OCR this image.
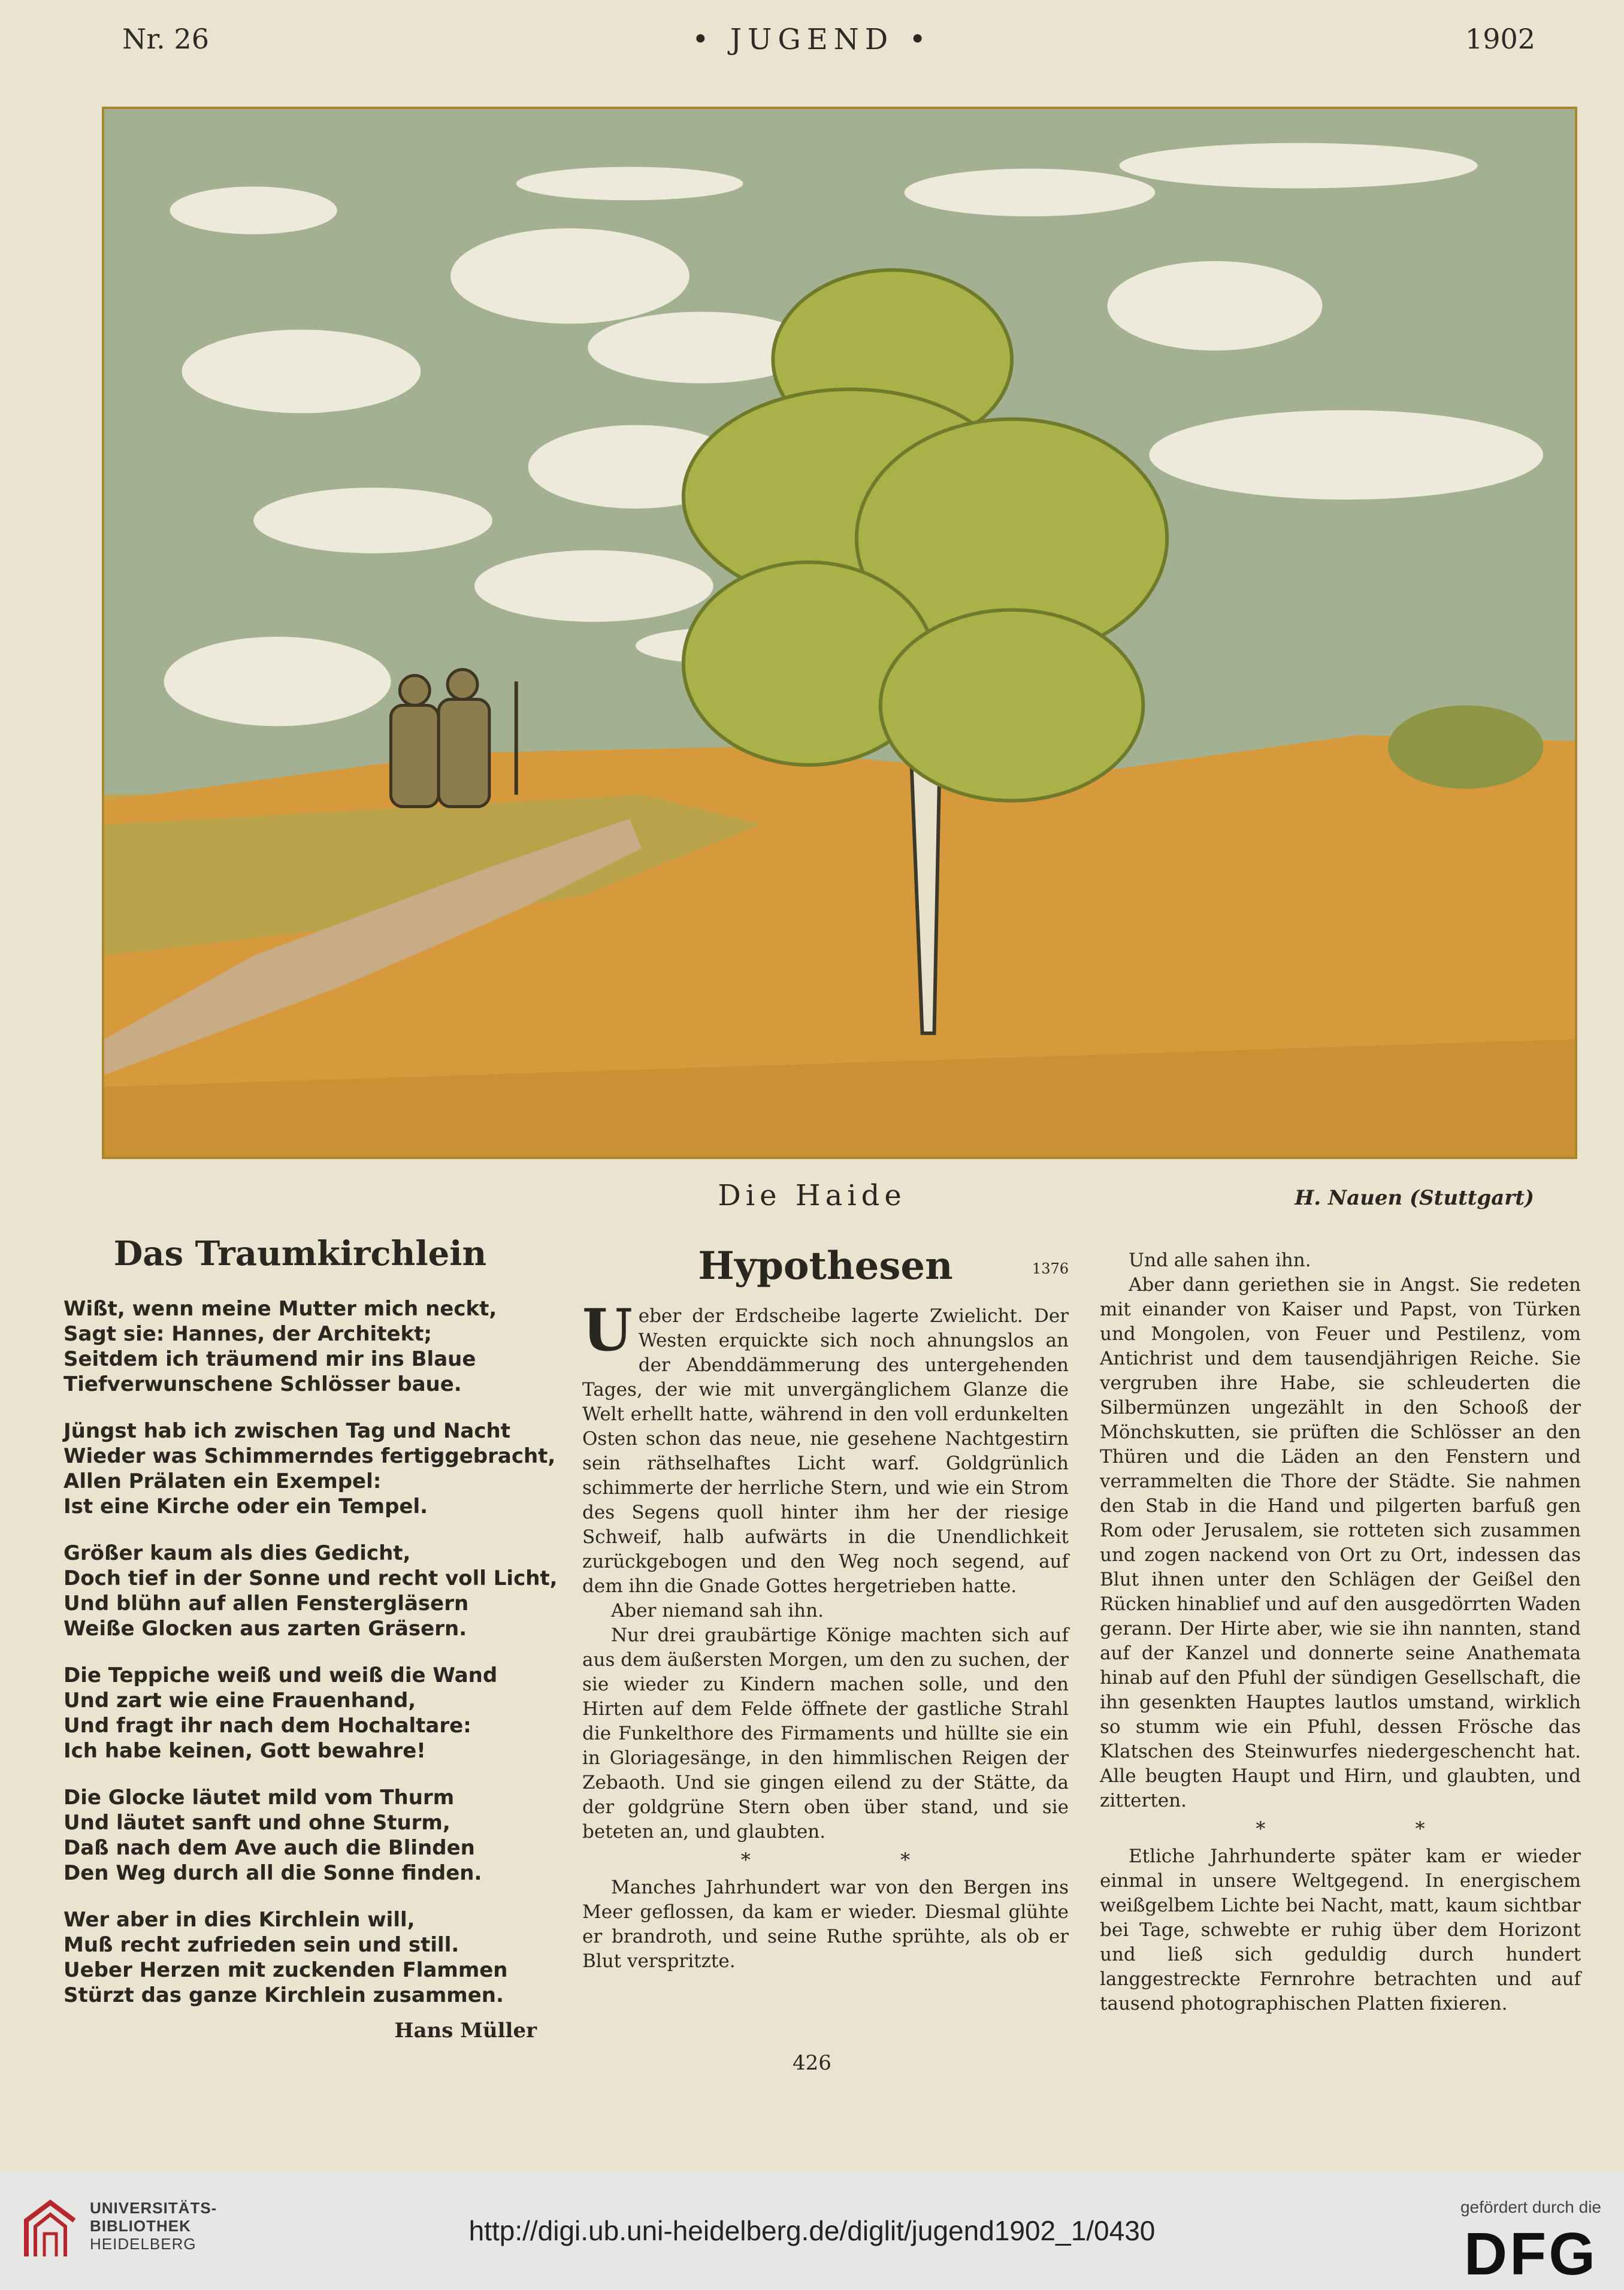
Nr. 26	• JUGEND •	1902
Die Haide	H. Nauen (Stuttgart)
Das Traumkirchlein
Wißt, wenn meine Mutter mich neckt,
Sagt sie: Hannes, der Architekt;
Seitdem ich träumend mir ins Blaue
Tiefverwunschene Schlösser baue.
Jüngst hab ich zwischen Tag und Nacht
Wieder was Schimmerndes fertiggebracht,
Allen Prälaten ein Exempel:
Ist eine Kirche oder ein Tempel.
Größer kaum als dies Gedicht,
Doch tief in der Sonne und recht voll Licht,
Und blühn auf allen Fenstergläsern
Weiße Glocken aus zarten Gräsern.
Die Teppiche weiß und weiß die Wand
Und zart wie eine Frauenhand,
Und fragt ihr nach dem Hochaltare:
Ich habe keinen, Gott bewahre!
Die Glocke läutet mild vom Thurm
Und läutet sanft und ohne Sturm,
Daß nach dem Ave auch die Blinden
Den Weg durch all die Sonne finden.
Wer aber in dies Kirchlein will,
Muß recht zufrieden sein und still.
Ueber Herzen mit zuckenden Flammen
Stürzt das ganze Kirchlein zusammen.
Hans Müller
Hypothesen	1376

Ueber der Erdscheibe lagerte Zwielicht. Der Westen erquickte sich noch ahnungslos an der Abenddämmerung des untergehenden Tages, der wie mit unvergänglichem Glanze die Welt erhellt hatte, während in den voll erdunkelten Osten schon das neue, nie gesehene Nachtgestirn sein räthselhaftes Licht warf. Goldgrünlich schimmerte der herrliche Stern, und wie ein Strom des Segens quoll hinter ihm her der riesige Schweif, halb aufwärts in die Unendlichkeit zurückgebogen und den Weg noch segend, auf dem ihn die Gnade Gottes hergetrieben hatte.

Aber niemand sah ihn.

Nur drei graubärtige Könige machten sich auf aus dem äußersten Morgen, um den zu suchen, der sie wieder zu Kindern machen solle, und den Hirten auf dem Felde öffnete der gastliche Strahl die Funkelthore des Firmaments und hüllte sie ein in Gloriagesänge, in den himmlischen Reigen der Zebaoth. Und sie gingen eilend zu der Stätte, da der goldgrüne Stern oben über stand, und sie beteten an, und glaubten.

* *

Manches Jahrhundert war von den Bergen ins Meer geflossen, da kam er wieder. Diesmal glühte er brandroth, und seine Ruthe sprühte, als ob er Blut verspritzte.

Und alle sahen ihn.

Aber dann geriethen sie in Angst. Sie redeten mit einander von Kaiser und Papst, von Türken und Mongolen, von Feuer und Pestilenz, vom Antichrist und dem tausendjährigen Reiche. Sie vergruben ihre Habe, sie schleuderten die Silbermünzen ungezählt in den Schooß der Mönchskutten, sie prüften die Schlösser an den Thüren und die Läden an den Fenstern und verrammelten die Thore der Städte. Sie nahmen den Stab in die Hand und pilgerten barfuß gen Rom oder Jerusalem, sie rotteten sich zusammen und zogen nackend von Ort zu Ort, indessen das Blut ihnen unter den Schlägen der Geißel den Rücken hinablief und auf den ausgedörrten Waden gerann. Der Hirte aber, wie sie ihn nannten, stand auf der Kanzel und donnerte seine Anathemata hinab auf den Pfuhl der sündigen Gesellschaft, die ihn gesenkten Hauptes lautlos umstand, wirklich so stumm wie ein Pfuhl, dessen Frösche das Klatschen des Steinwurfes niedergeschencht hat. Alle beugten Haupt und Hirn, und glaubten, und zitterten.

* *

Etliche Jahrhunderte später kam er wieder einmal in unsere Weltgegend. In energischem weißgelbem Lichte bei Nacht, matt, kaum sichtbar bei Tage, schwebte er ruhig über dem Horizont und ließ sich geduldig durch hundert langgestreckte Fernrohre betrachten und auf tausend photographischen Platten fixieren.

426
UNIVERSITÄTS-
BIBLIOTHEK
HEIDELBERG	http://digi.ub.uni-heidelberg.de/diglit/jugend1902_1/0430
gefördert durch die
DFG
